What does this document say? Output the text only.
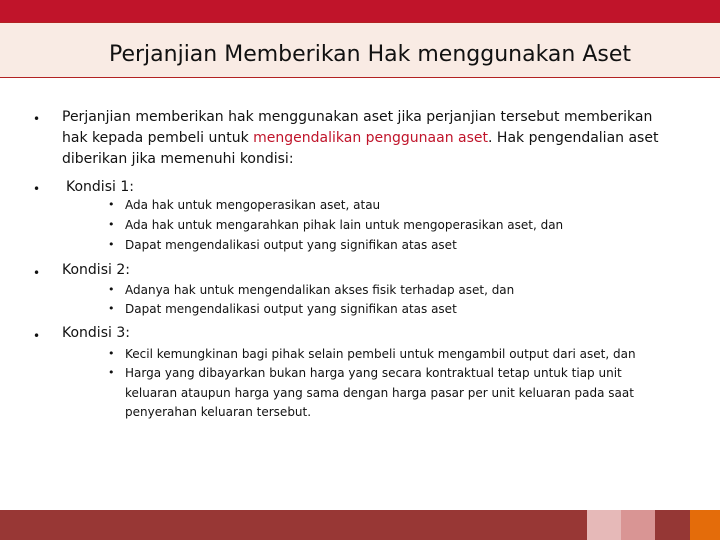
Perjanjian Memberikan Hak menggunakan Aset
• Perjanjian memberikan hak menggunakan aset jika perjanjian tersebut memberikan
hak kepada pembeli untuk mengendalikan penggunaan aset. Hak pengendalian aset
diberikan jika memenuhi kondisi:
• Kondisi 1:
• Ada hak untuk mengoperasikan aset, atau
• Ada hak untuk mengarahkan pihak lain untuk mengoperasikan aset, dan
• Dapat mengendalikasi output yang signifikan atas aset
• Kondisi 2:
• Adanya hak untuk mengendalikan akses fisik terhadap aset, dan
• Dapat mengendalikasi output yang signifikan atas aset
• Kondisi 3:
• Kecil kemungkinan bagi pihak selain pembeli untuk mengambil output dari aset, dan
• Harga yang dibayarkan bukan harga yang secara kontraktual tetap untuk tiap unit
keluaran ataupun harga yang sama dengan harga pasar per unit keluaran pada saat
penyerahan keluaran tersebut.
